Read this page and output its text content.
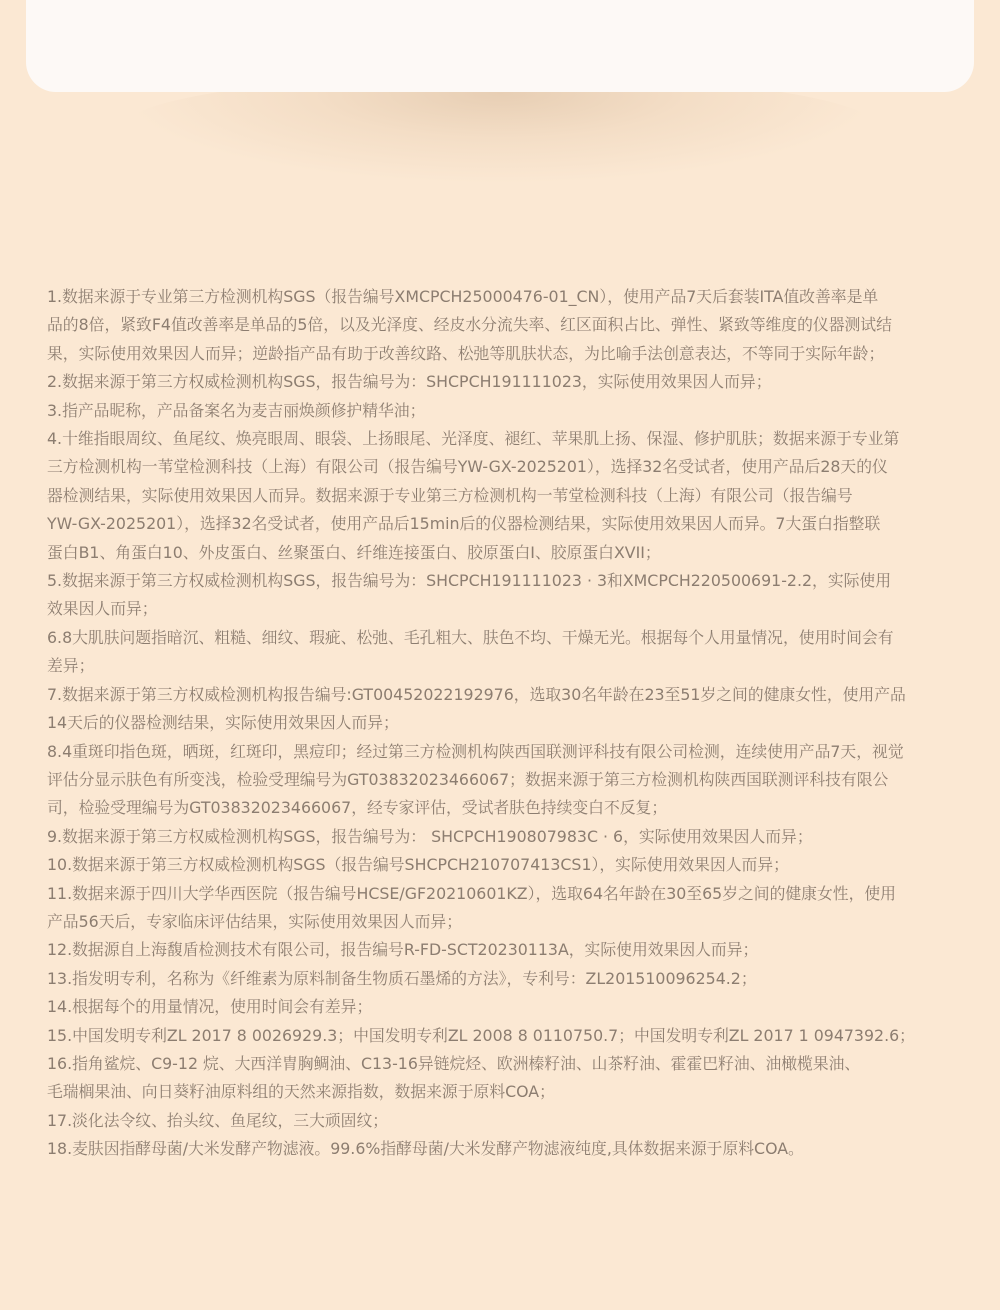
1.数据来源于专业第三方检测机构SGS（报告编号XMCPCH25000476-01_CN），使用产品7天后套装ITA值改善率是单
品的8倍，紧致F4值改善率是单品的5倍，以及光泽度、经皮水分流失率、红区面积占比、弹性、紧致等维度的仪器测试结
果，实际使用效果因人而异；逆龄指产品有助于改善纹路、松弛等肌肤状态，为比喻手法创意表达，不等同于实际年龄；

2.数据来源于第三方权威检测机构SGS，报告编号为：SHCPCH191111023，实际使用效果因人而异；

3.指产品昵称，产品备案名为麦吉丽焕颜修护精华油；

4.十维指眼周纹、鱼尾纹、焕亮眼周、眼袋、上扬眼尾、光泽度、褪红、苹果肌上扬、保湿、修护肌肤；数据来源于专业第
三方检测机构一苇堂检测科技（上海）有限公司（报告编号YW-GX-2025201），选择32名受试者，使用产品后28天的仪
器检测结果，实际使用效果因人而异。数据来源于专业第三方检测机构一苇堂检测科技（上海）有限公司（报告编号
YW-GX-2025201），选择32名受试者，使用产品后15min后的仪器检测结果，实际使用效果因人而异。7大蛋白指整联
蛋白B1、角蛋白10、外皮蛋白、丝聚蛋白、纤维连接蛋白、胶原蛋白Ⅰ、胶原蛋白XVII；

5.数据来源于第三方权威检测机构SGS，报告编号为：SHCPCH191111023 · 3和XMCPCH220500691-2.2，实际使用
效果因人而异；

6.8大肌肤问题指暗沉、粗糙、细纹、瑕疵、松弛、毛孔粗大、肤色不均、干燥无光。根据每个人用量情况，使用时间会有
差异；

7.数据来源于第三方权威检测机构报告编号:GT00452022192976，选取30名年龄在23至51岁之间的健康女性，使用产品
14天后的仪器检测结果，实际使用效果因人而异；

8.4重斑印指色斑，晒斑，红斑印，黑痘印；经过第三方检测机构陕西国联测评科技有限公司检测，连续使用产品7天，视觉
评估分显示肤色有所变浅，检验受理编号为GT03832023466067；数据来源于第三方检测机构陕西国联测评科技有限公
司，检验受理编号为GT03832023466067，经专家评估，受试者肤色持续变白不反复；

9.数据来源于第三方权威检测机构SGS，报告编号为： SHCPCH190807983C · 6，实际使用效果因人而异；

10.数据来源于第三方权威检测机构SGS（报告编号SHCPCH210707413CS1），实际使用效果因人而异；

11.数据来源于四川大学华西医院（报告编号HCSE/GF20210601KZ），选取64名年龄在30至65岁之间的健康女性，使用
产品56天后，专家临床评估结果，实际使用效果因人而异；

12.数据源自上海馥盾检测技术有限公司，报告编号R-FD-SCT20230113A，实际使用效果因人而异；

13.指发明专利，名称为《纤维素为原料制备生物质石墨烯的方法》，专利号：ZL201510096254.2；

14.根据每个的用量情况，使用时间会有差异；

15.中国发明专利ZL 2017 8 0026929.3；中国发明专利ZL 2008 8 0110750.7；中国发明专利ZL 2017 1 0947392.6；

16.指角鲨烷、C9-12 烷、大西洋胄胸鲷油、C13-16异链烷烃、欧洲榛籽油、山茶籽油、霍霍巴籽油、油橄榄果油、
毛瑞榈果油、向日葵籽油原料组的天然来源指数，数据来源于原料COA；

17.淡化法令纹、抬头纹、鱼尾纹，三大顽固纹；

18.麦肤因指酵母菌/大米发酵产物滤液。99.6%指酵母菌/大米发酵产物滤液纯度,具体数据来源于原料COA。
